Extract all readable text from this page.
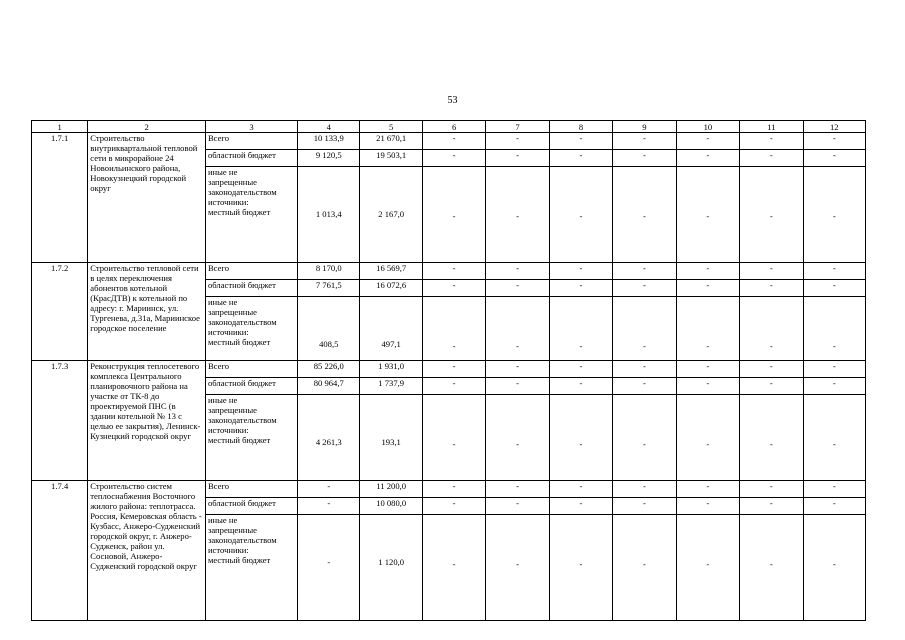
53
1	2	3	4	5	6	7	8	9	10	11	12
1.7.1	Строительство внутриквартальной тепловой сети в микрорайоне 24 Новоильинского района, Новокузнецкий городской округ	Всего	10 133,9	21 670,1	-	-	-	-	-	-	-
		областной бюджет	9 120,5	19 503,1	-	-	-	-	-	-	-

		иные не
запрещенные
законодательством
источники:
местный бюджет	1 013,4	2 167,0	-	-	-	-	-	-	-
1.7.2	Строительство тепловой сети в целях переключения абонентов котельной (КрасДТВ) к котельной по адресу: г. Мариинск, ул. Тургенева, д.31а, Мариинское городское поселение	Всего	8 170,0	16 569,7	-	-	-	-	-	-	-
		областной бюджет	7 761,5	16 072,6	-	-	-	-	-	-	-

		иные не
запрещенные
законодательством
источники:
местный бюджет	408,5	497,1	-	-	-	-	-	-	-
1.7.3	Реконструкция теплосетевого комплекса Центрального планировочного района на участке от ТК-8 до проектируемой ПНС (в здании котельной № 13 с целью ее закрытия), Ленинск-Кузнецкий городской округ	Всего	85 226,0	1 931,0	-	-	-	-	-	-	-
		областной бюджет	80 964,7	1 737,9	-	-	-	-	-	-	-

		иные не
запрещенные
законодательством
источники:
местный бюджет	4 261,3	193,1	-	-	-	-	-	-	-
1.7.4	Строительство систем теплоснабжения Восточного жилого района: теплотрасса. Россия, Кемеровская область - Кузбасс, Анжеро-Судженский городской округ, г. Анжеро-Судженск, район ул. Сосновой, Анжеро-Судженский городской округ	Всего	-	11 200,0	-	-	-	-	-	-	-
		областной бюджет	-	10 080,0	-	-	-	-	-	-	-

		иные не
запрещенные
законодательством
источники:
местный бюджет	-	1 120,0	-	-	-	-	-	-	-
